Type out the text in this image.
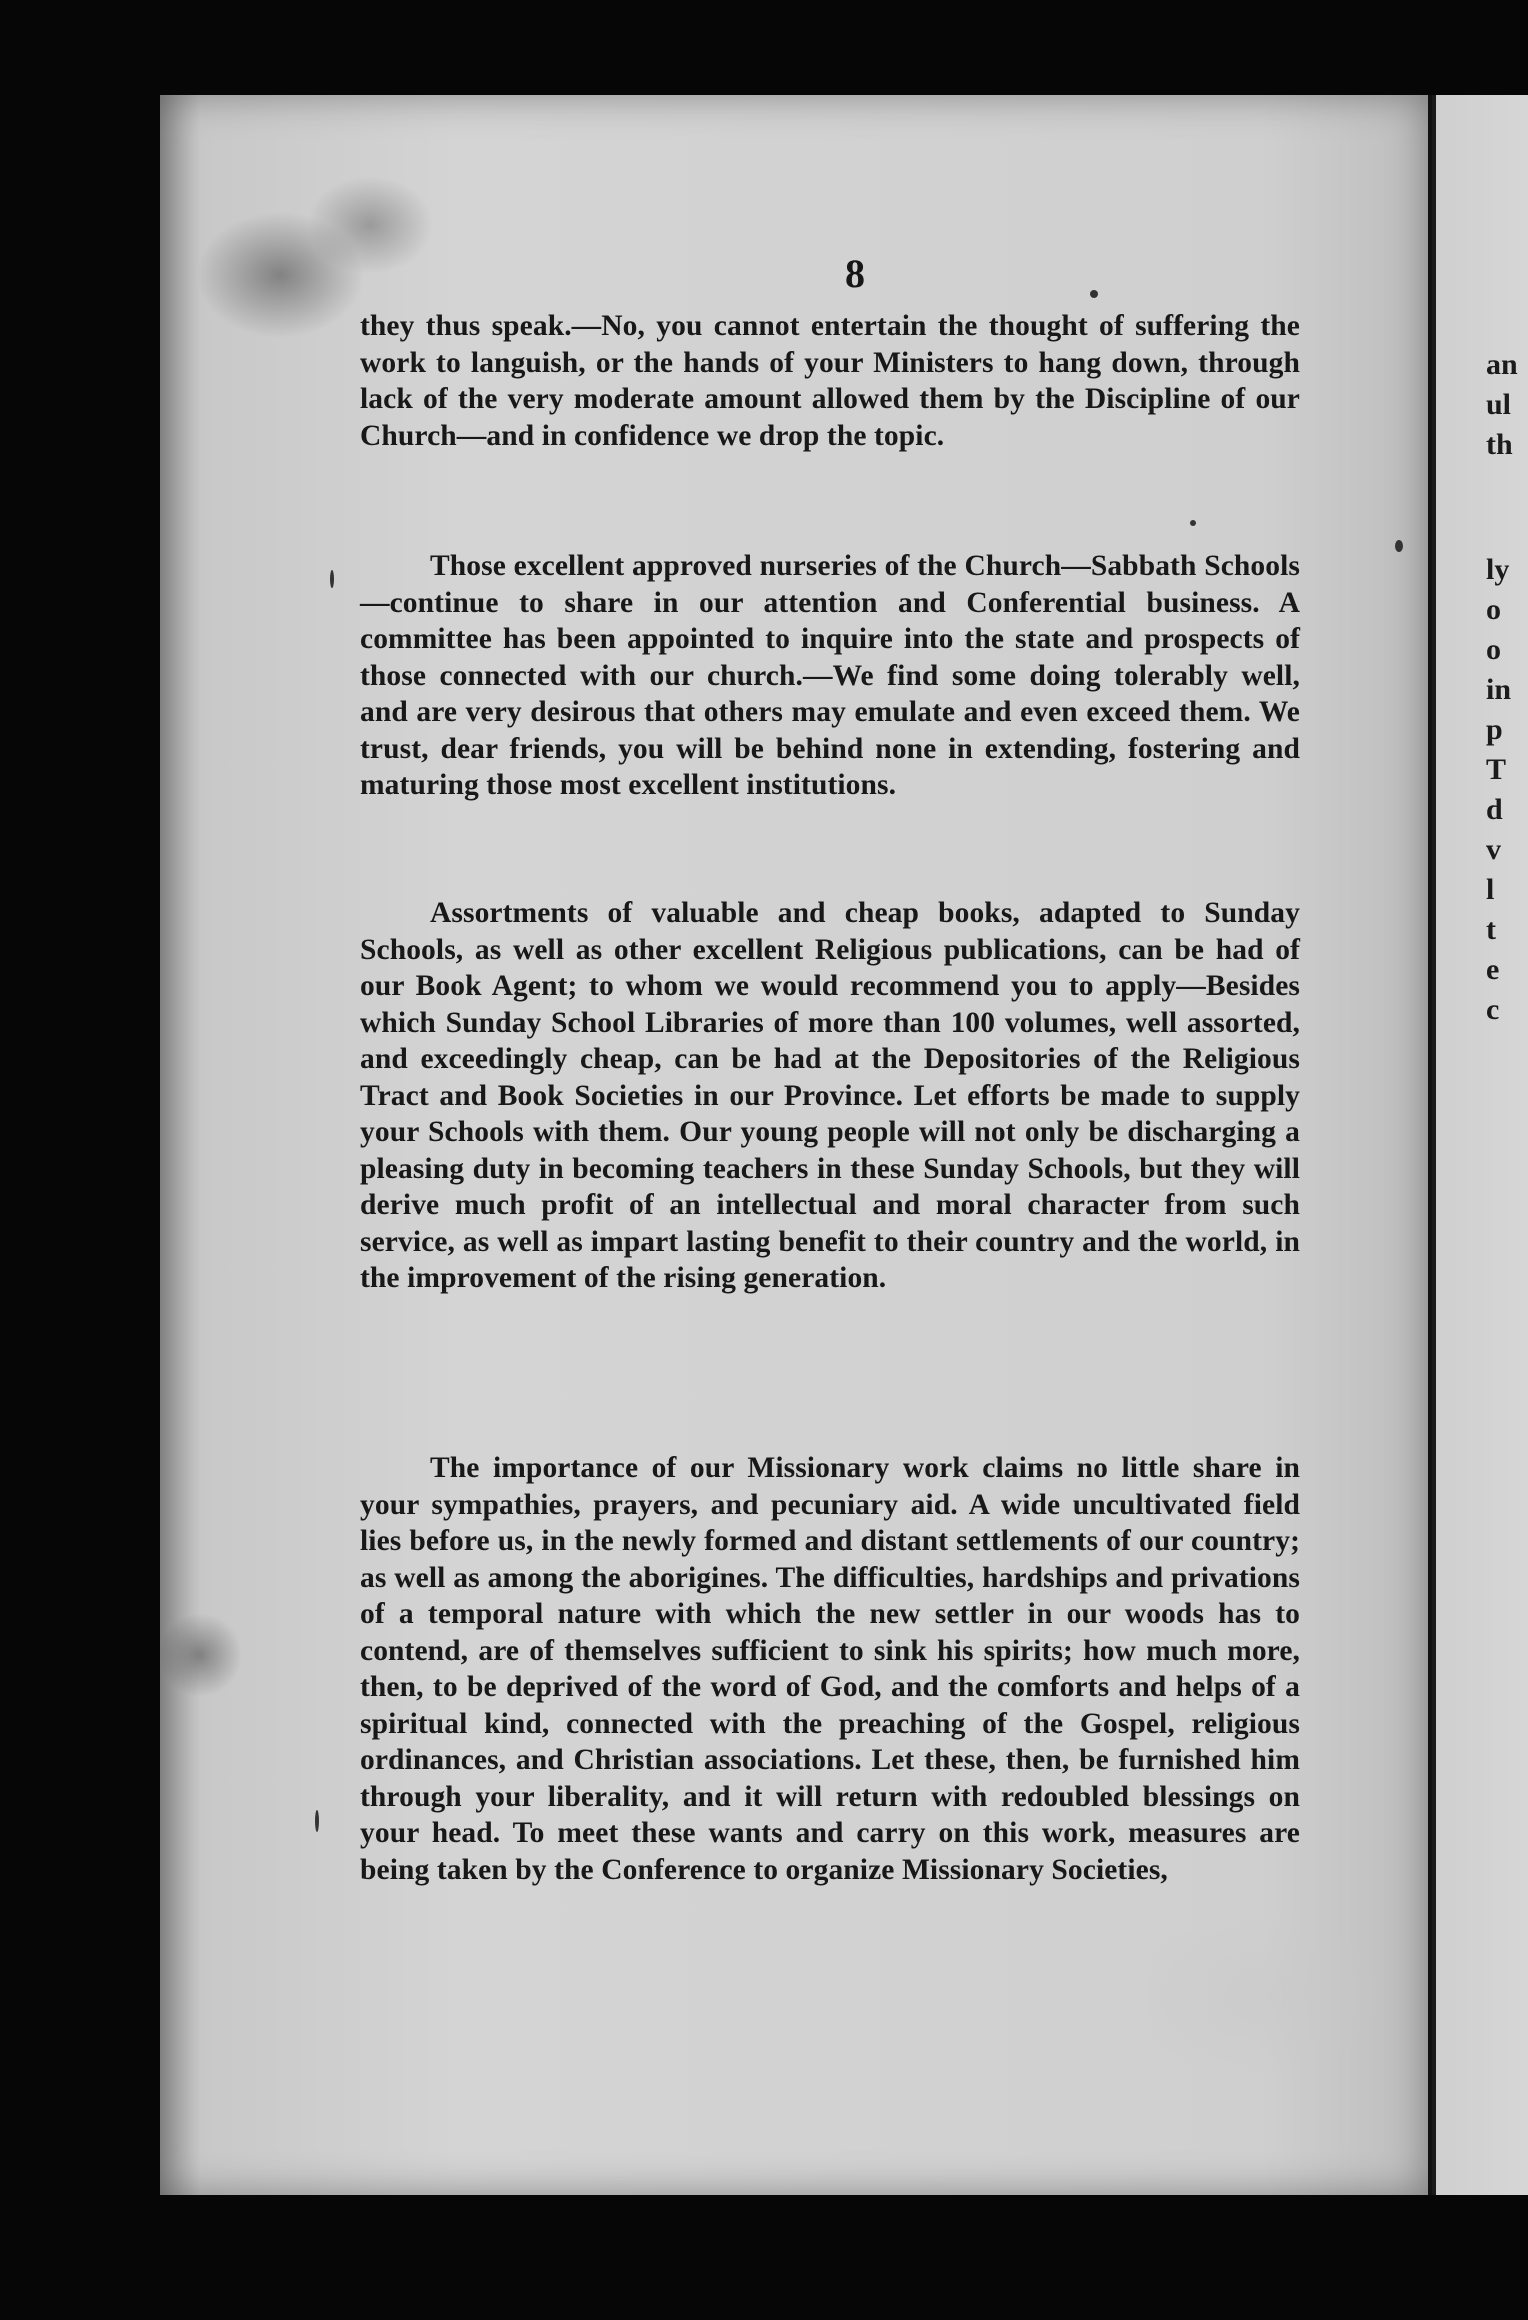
an
ul
th
ly
o
o
in
p
T
d
v
l
t
e
c
8

they thus speak.—No, you cannot entertain the thought of suffering the work to languish, or the hands of your Ministers to hang down, through lack of the very moderate amount allowed them by the Discipline of our Church—and in confidence we drop the topic.

Those excellent approved nurseries of the Church—Sabbath Schools—continue to share in our attention and Conferential business. A committee has been appointed to inquire into the state and prospects of those connected with our church.—We find some doing tolerably well, and are very desirous that others may emulate and even exceed them. We trust, dear friends, you will be behind none in extending, fostering and maturing those most excellent institutions.

Assortments of valuable and cheap books, adapted to Sunday Schools, as well as other excellent Religious publications, can be had of our Book Agent; to whom we would recommend you to apply—Besides which Sunday School Libraries of more than 100 volumes, well assorted, and exceedingly cheap, can be had at the Depositories of the Religious Tract and Book Societies in our Province. Let efforts be made to supply your Schools with them. Our young people will not only be discharging a pleasing duty in becoming teachers in these Sunday Schools, but they will derive much profit of an intellectual and moral character from such service, as well as impart lasting benefit to their country and the world, in the improvement of the rising generation.

The importance of our Missionary work claims no little share in your sympathies, prayers, and pecuniary aid. A wide uncultivated field lies before us, in the newly formed and distant settlements of our country; as well as among the aborigines. The difficulties, hardships and privations of a temporal nature with which the new settler in our woods has to contend, are of themselves sufficient to sink his spirits; how much more, then, to be deprived of the word of God, and the comforts and helps of a spiritual kind, connected with the preaching of the Gospel, religious ordinances, and Christian associations. Let these, then, be furnished him through your liberality, and it will return with redoubled blessings on your head. To meet these wants and carry on this work, measures are being taken by the Conference to organize Missionary Societies,
